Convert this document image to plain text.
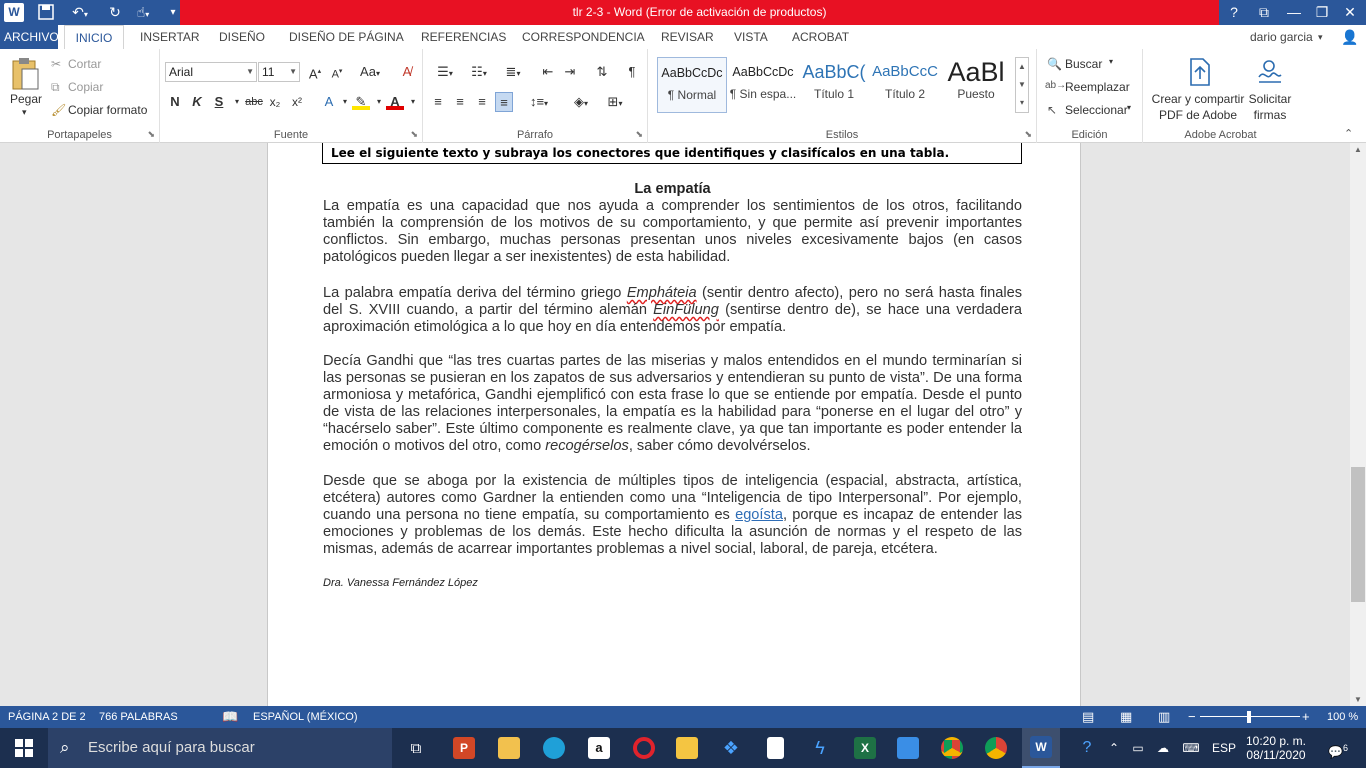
W	↶▾	↻	☝▾	▾	tlr 2-3 - Word (Error de activación de productos)	?	⧉	—	❐	✕
ARCHIVO	INICIO	INSERTAR DISEÑO DISEÑO DE PÁGINA REFERENCIAS CORRESPONDENCIA REVISAR VISTA ACROBAT	dario garcia ▾ 👤
Pegar
▾
✂ Cortar
⧉ Copiar
🖌 Copiar formato
Portapapeles	⬊
Arial	▼ 11 ▼ A▴ A▾	Aa▾	A̸
N K S	▾ abc x₂ x²	A	▾ ✎	▾ A	▾
Fuente	⬊
☰▾	☷▾	≣▾	⇤ ⇥ ⇅	¶
≡	≡	≡	≡	↕≡▾	◈▾	⊞▾
Párrafo	⬊
AaBbCcDc
¶ Normal
AaBbCcDc
¶ Sin espa...
AaBbC(
Título 1
AaBbCcC
Título 2
AaBl
Puesto
▲
▼
▾
Estilos	⬊
🔍 Buscar ▾
ab→
Reemplazar
↖ Seleccionar ▾
Edición
Crear y compartir PDF de Adobe
Solicitar firmas
Adobe Acrobat	⌃
Lee el siguiente texto y subraya los conectores que identifiques y clasifícalos en una tabla.
La empatía
La empatía es una capacidad que nos ayuda a comprender los sentimientos de los otros, facilitando también la comprensión de los motivos de su comportamiento, y que permite así prevenir importantes conflictos. Sin embargo, muchas personas presentan unos niveles excesivamente bajos (en casos patológicos pueden llegar a ser inexistentes) de esta habilidad.
La palabra empatía deriva del término griego Empháteia (sentir dentro afecto), pero no será hasta finales del S. XVIII cuando, a partir del término alemán EinFülung (sentirse dentro de), se hace una verdadera aproximación etimológica a lo que hoy en día entendemos por empatía.
Decía Gandhi que “las tres cuartas partes de las miserias y malos entendidos en el mundo terminarían si las personas se pusieran en los zapatos de sus adversarios y entendieran su punto de vista”. De una forma armoniosa y metafórica, Gandhi ejemplificó con esta frase lo que se entiende por empatía. Desde el punto de vista de las relaciones interpersonales, la empatía es la habilidad para “ponerse en el lugar del otro” y “hacérselo saber”. Este último componente es realmente clave, ya que tan importante es poder entender la emoción o motivos del otro, como recogérselos, saber cómo devolvérselos.
Desde que se aboga por la existencia de múltiples tipos de inteligencia (espacial, abstracta, artística, etcétera) autores como Gardner la entienden como una “Inteligencia de tipo Interpersonal”. Por ejemplo, cuando una persona no tiene empatía, su comportamiento es egoísta, porque es incapaz de entender las emociones y problemas de los demás. Este hecho dificulta la asunción de normas y el respeto de las mismas, además de acarrear importantes problemas a nivel social, laboral, de pareja, etcétera.
Dra. Vanessa Fernández López
▲
▼
PÁGINA 2 DE 2 766 PALABRAS	📖 ESPAÑOL (MÉXICO)	▤ ▦ ▥ −	+ 100 %
Escribe aquí para buscar
⌕	⧉	P	a	❖	ϟ	X	W	?	⌃	▭	☁	⌨	ESP 10:20 p. m.
08/11/2020	💬$^6$
